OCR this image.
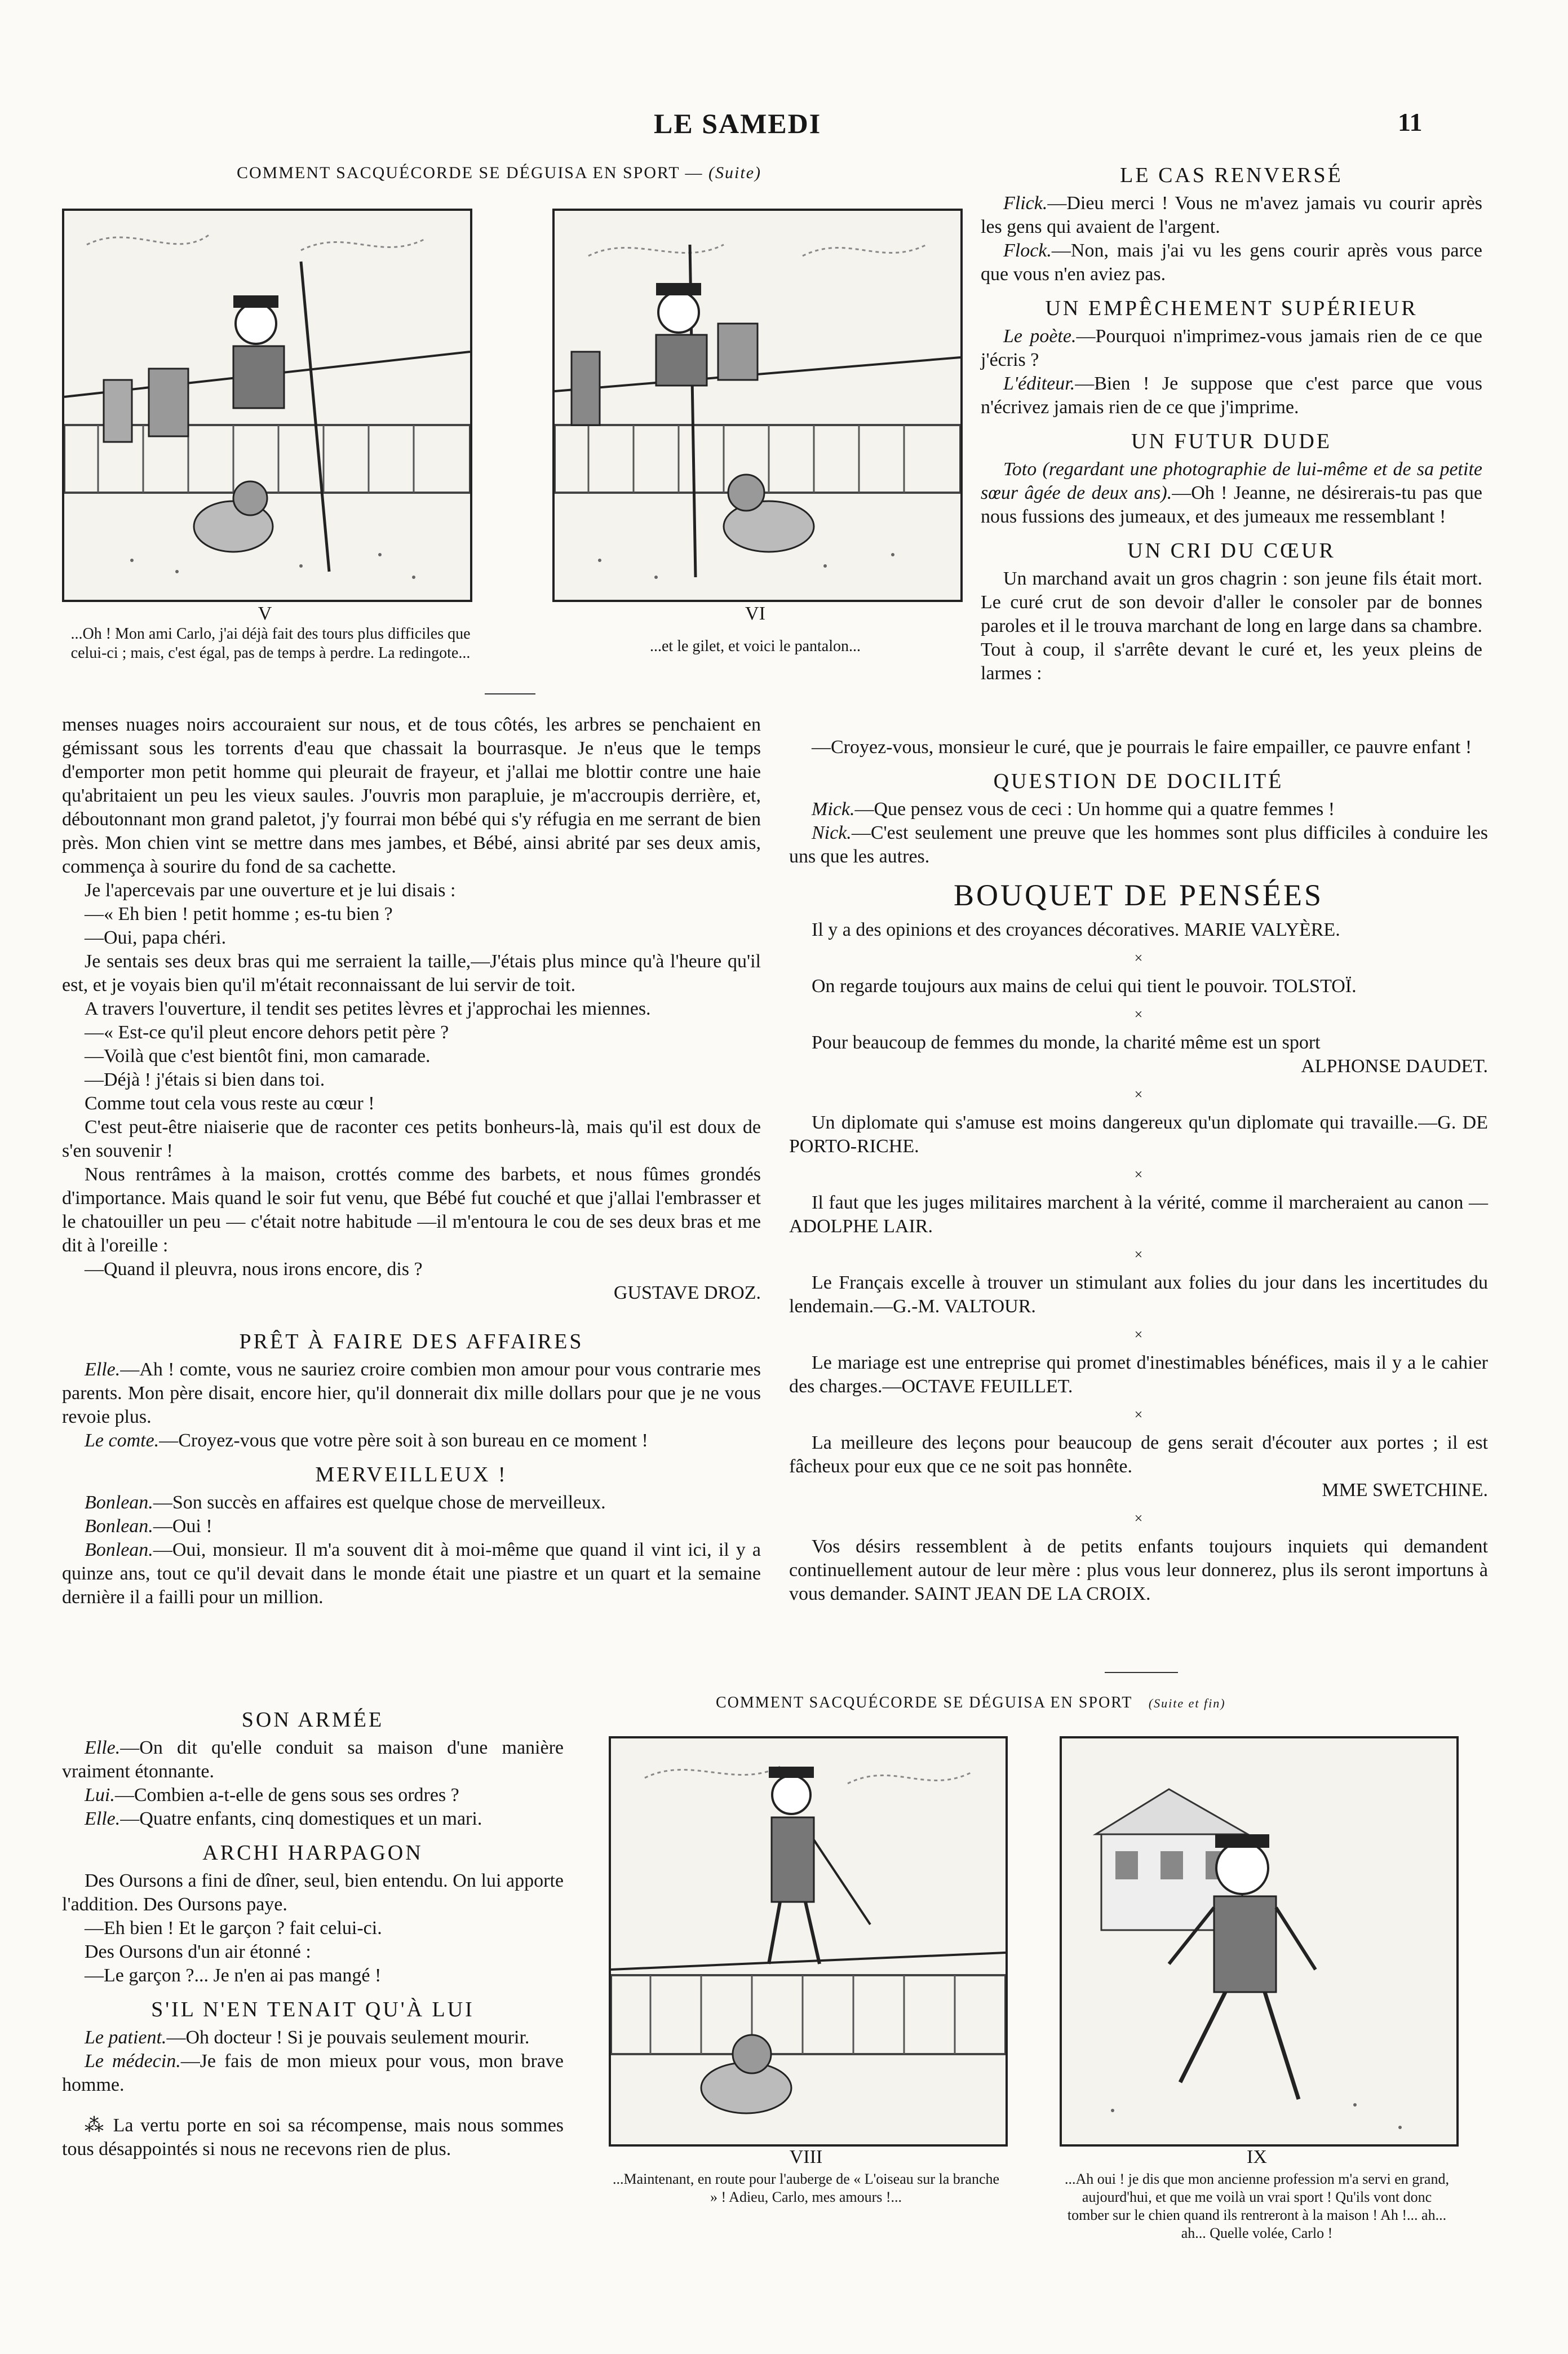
LE SAMEDI	11
COMMENT SACQUÉCORDE SE DÉGUISA EN SPORT — (Suite)
V	VI
...Oh ! Mon ami Carlo, j'ai déjà fait des tours plus difficiles que celui-ci ; mais, c'est égal, pas de temps à perdre. La redingote...	...et le gilet, et voici le pantalon...

menses nuages noirs accouraient sur nous, et de tous côtés, les arbres se penchaient en gémissant sous les torrents d'eau que chassait la bourrasque. Je n'eus que le temps d'emporter mon petit homme qui pleurait de frayeur, et j'allai me blottir contre une haie qu'abritaient un peu les vieux saules. J'ouvris mon parapluie, je m'accroupis derrière, et, déboutonnant mon grand paletot, j'y fourrai mon bébé qui s'y réfugia en me serrant de bien près. Mon chien vint se mettre dans mes jambes, et Bébé, ainsi abrité par ses deux amis, commença à sourire du fond de sa cachette.

Je l'apercevais par une ouverture et je lui disais :

—« Eh bien ! petit homme ; es-tu bien ?

—Oui, papa chéri.

Je sentais ses deux bras qui me serraient la taille,—J'étais plus mince qu'à l'heure qu'il est, et je voyais bien qu'il m'était reconnaissant de lui servir de toit.

A travers l'ouverture, il tendit ses petites lèvres et j'approchai les miennes.

—« Est-ce qu'il pleut encore dehors petit père ?

—Voilà que c'est bientôt fini, mon camarade.

—Déjà ! j'étais si bien dans toi.

Comme tout cela vous reste au cœur !

C'est peut-être niaiserie que de raconter ces petits bonheurs-là, mais qu'il est doux de s'en souvenir !

Nous rentrâmes à la maison, crottés comme des barbets, et nous fûmes grondés d'importance. Mais quand le soir fut venu, que Bébé fut couché et que j'allai l'embrasser et le chatouiller un peu — c'était notre habitude —il m'entoura le cou de ses deux bras et me dit à l'oreille :

—Quand il pleuvra, nous irons encore, dis ?

GUSTAVE DROZ.
PRÊT À FAIRE DES AFFAIRES

Elle.—Ah ! comte, vous ne sauriez croire combien mon amour pour vous contrarie mes parents. Mon père disait, encore hier, qu'il donnerait dix mille dollars pour que je ne vous revoie plus.

Le comte.—Croyez-vous que votre père soit à son bureau en ce moment !

MERVEILLEUX !

Bonlean.—Son succès en affaires est quelque chose de merveilleux.

Bonlean.—Oui !

Bonlean.—Oui, monsieur. Il m'a souvent dit à moi-même que quand il vint ici, il y a quinze ans, tout ce qu'il devait dans le monde était une piastre et un quart et la semaine dernière il a failli pour un million.

SON ARMÉE

Elle.—On dit qu'elle conduit sa maison d'une manière vraiment étonnante.

Lui.—Combien a-t-elle de gens sous ses ordres ?

Elle.—Quatre enfants, cinq domestiques et un mari.

ARCHI HARPAGON

Des Oursons a fini de dîner, seul, bien entendu. On lui apporte l'addition. Des Oursons paye.

—Eh bien ! Et le garçon ? fait celui-ci.

Des Oursons d'un air étonné :

—Le garçon ?... Je n'en ai pas mangé !

S'IL N'EN TENAIT QU'À LUI

Le patient.—Oh docteur ! Si je pouvais seulement mourir.

Le médecin.—Je fais de mon mieux pour vous, mon brave homme.

⁂ La vertu porte en soi sa récompense, mais nous sommes tous désappointés si nous ne recevons rien de plus.

LE CAS RENVERSÉ

Flick.—Dieu merci ! Vous ne m'avez jamais vu courir après les gens qui avaient de l'argent.

Flock.—Non, mais j'ai vu les gens courir après vous parce que vous n'en aviez pas.

UN EMPÊCHEMENT SUPÉRIEUR

Le poète.—Pourquoi n'imprimez-vous jamais rien de ce que j'écris ?

L'éditeur.—Bien ! Je suppose que c'est parce que vous n'écrivez jamais rien de ce que j'imprime.

UN FUTUR DUDE

Toto (regardant une photographie de lui-même et de sa petite sœur âgée de deux ans).—Oh ! Jeanne, ne désirerais-tu pas que nous fussions des jumeaux, et des jumeaux me ressemblant !

UN CRI DU CŒUR

Un marchand avait un gros chagrin : son jeune fils était mort. Le curé crut de son devoir d'aller le consoler par de bonnes paroles et il le trouva marchant de long en large dans sa chambre. Tout à coup, il s'arrête devant le curé et, les yeux pleins de larmes :

—Croyez-vous, monsieur le curé, que je pourrais le faire empailler, ce pauvre enfant !

QUESTION DE DOCILITÉ

Mick.—Que pensez vous de ceci : Un homme qui a quatre femmes !

Nick.—C'est seulement une preuve que les hommes sont plus difficiles à conduire les uns que les autres.

BOUQUET DE PENSÉES

Il y a des opinions et des croyances décoratives. MARIE VALYÈRE.

×

On regarde toujours aux mains de celui qui tient le pouvoir. TOLSTOÏ.

×

Pour beaucoup de femmes du monde, la charité même est un sport

ALPHONSE DAUDET.
×

Un diplomate qui s'amuse est moins dangereux qu'un diplomate qui travaille.—G. DE PORTO-RICHE.

×

Il faut que les juges militaires marchent à la vérité, comme il marcheraient au canon —ADOLPHE LAIR.

×

Le Français excelle à trouver un stimulant aux folies du jour dans les incertitudes du lendemain.—G.-M. VALTOUR.

×

Le mariage est une entreprise qui promet d'inestimables bénéfices, mais il y a le cahier des charges.—OCTAVE FEUILLET.

×

La meilleure des leçons pour beaucoup de gens serait d'écouter aux portes ; il est fâcheux pour eux que ce ne soit pas honnête.

MME SWETCHINE.
×

Vos désirs ressemblent à de petits enfants toujours inquiets qui demandent continuellement autour de leur mère : plus vous leur donnerez, plus ils seront importuns à vous demander. SAINT JEAN DE LA CROIX.

COMMENT SACQUÉCORDE SE DÉGUISA EN SPORT (Suite et fin)
VIII	IX
...Maintenant, en route pour l'auberge de « L'oiseau sur la branche » ! Adieu, Carlo, mes amours !...
...Ah oui ! je dis que mon ancienne profession m'a servi en grand, aujourd'hui, et que me voilà un vrai sport ! Qu'ils vont donc tomber sur le chien quand ils rentreront à la maison ! Ah !... ah... ah... Quelle volée, Carlo !
